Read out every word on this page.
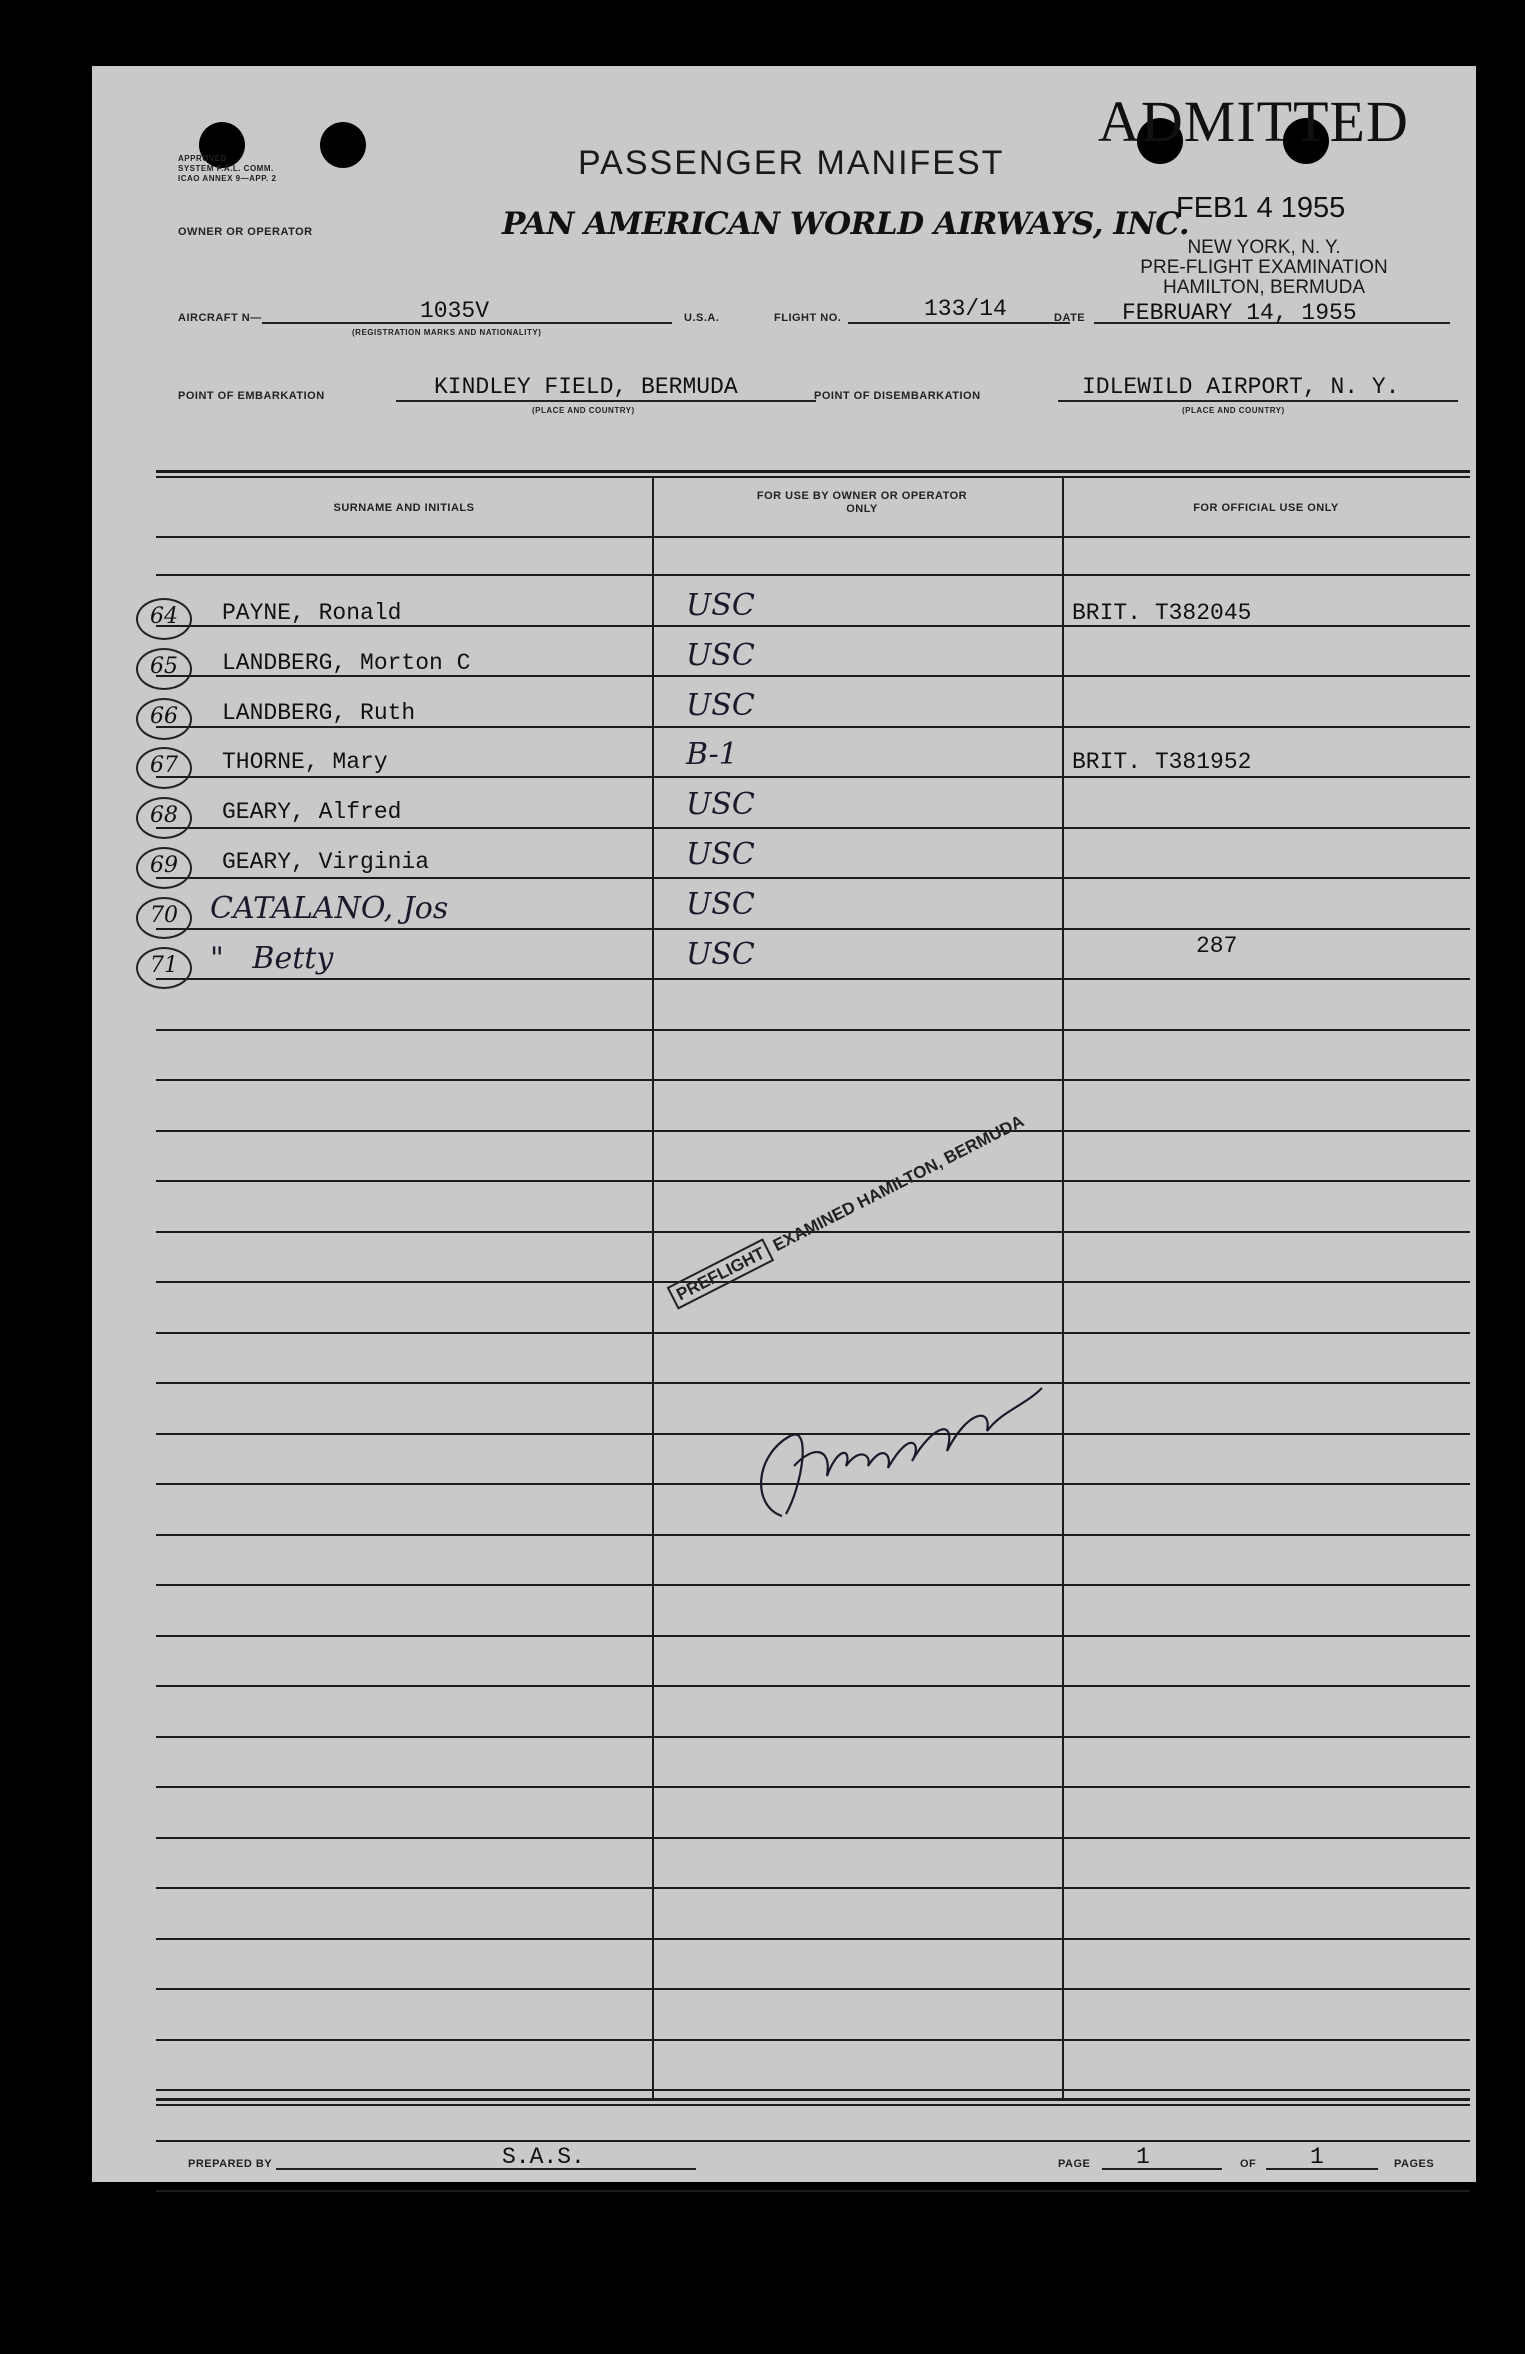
APPROVED
SYSTEM F.A.L. COMM.
ICAO ANNEX 9—APP. 2	PASSENGER MANIFEST
OWNER OR OPERATOR	PAN AMERICAN WORLD AIRWAYS, INC.
ADMITTED
FEB1 4 1955
NEW YORK, N. Y.
PRE-FLIGHT EXAMINATION
HAMILTON, BERMUDA
AIRCRAFT N—	1035V
(REGISTRATION MARKS AND NATIONALITY)
U.S.A.	FLIGHT NO.	133/14	DATE FEBRUARY 14, 1955
POINT OF EMBARKATION	KINDLEY FIELD, BERMUDA
(PLACE AND COUNTRY)
POINT OF DISEMBARKATION	IDLEWILD AIRPORT, N. Y.
(PLACE AND COUNTRY)
SURNAME AND INITIALS
FOR USE BY OWNER OR OPERATOR ONLY	FOR OFFICIAL USE ONLY
64	PAYNE, Ronald	USC	BRIT. T382045
65	LANDBERG, Morton C	USC
66	LANDBERG, Ruth	USC
67	THORNE, Mary	B-1	BRIT. T381952
68	GEARY, Alfred	USC
69	GEARY, Virginia	USC
70	CATALANO, Jos	USC
71	"   Betty	USC	287
PREFLIGHTEXAMINED HAMILTON, BERMUDA
PREPARED BY	S.A.S.	PAGE 1	OF 1	PAGES
